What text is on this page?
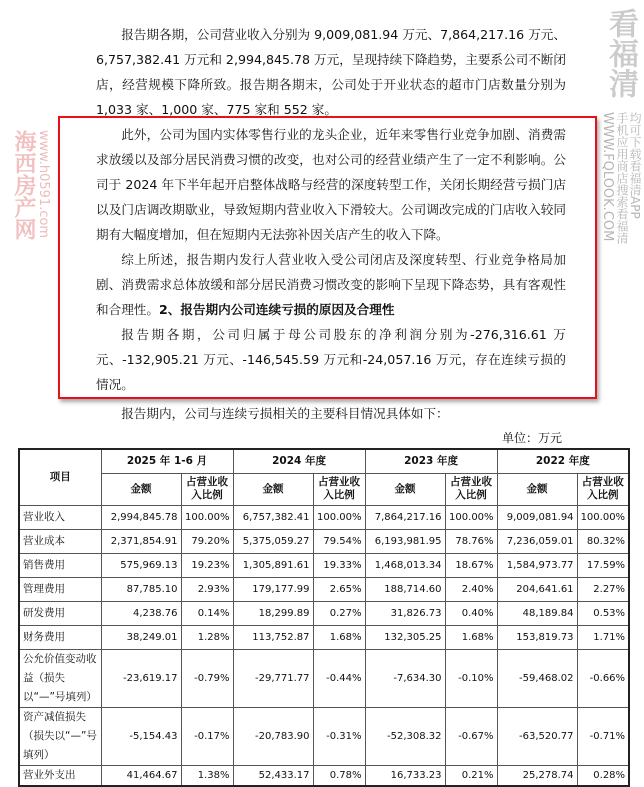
报告期各期，公司营业收入分别为 9,009,081.94 万元、7,864,217.16 万元、6,757,382.41 万元和 2,994,845.78 万元，呈现持续下降趋势，主要系公司不断闭店，经营规模下降所致。报告期各期末，公司处于开业状态的超市门店数量分别为 1,033 家、1,000 家、775 家和 552 家。

此外，公司为国内实体零售行业的龙头企业，近年来零售行业竞争加剧、消费需求放缓以及部分居民消费习惯的改变，也对公司的经营业绩产生了一定不利影响。公司于 2024 年下半年起开启整体战略与经营的深度转型工作，关闭长期经营亏损门店以及门店调改期歇业，导致短期内营业收入下滑较大。公司调改完成的门店收入较同期有大幅度增加，但在短期内无法弥补因关店产生的收入下降。

综上所述，报告期内发行人营业收入受公司闭店及深度转型、行业竞争格局加剧、消费需求总体放缓和部分居民消费习惯改变的影响下呈现下降态势，具有客观性和合理性。2、报告期内公司连续亏损的原因及合理性

报告期各期，公司归属于母公司股东的净利润分别为-276,316.61 万元、-132,905.21 万元、-146,545.59 万元和-24,057.16 万元，存在连续亏损的情况。

报告期内，公司与连续亏损相关的主要科目情况具体如下：

单位：万元
项目	2025 年 1-6 月		2024 年度		2023 年度		2022 年度	
	金额	占营业收入比例	金额	占营业收入比例	金额	占营业收入比例	金额	占营业收入比例
营业收入	2,994,845.78	100.00%	6,757,382.41	100.00%	7,864,217.16	100.00%	9,009,081.94	100.00%
营业成本	2,371,854.91	79.20%	5,375,059.27	79.54%	6,193,981.95	78.76%	7,236,059.01	80.32%
销售费用	575,969.13	19.23%	1,305,891.61	19.33%	1,468,013.34	18.67%	1,584,973.77	17.59%
管理费用	87,785.10	2.93%	179,177.99	2.65%	188,714.60	2.40%	204,641.61	2.27%
研发费用	4,238.76	0.14%	18,299.89	0.27%	31,826.73	0.40%	48,189.84	0.53%
财务费用	38,249.01	1.28%	113,752.87	1.68%	132,305.25	1.68%	153,819.73	1.71%
公允价值变动收益（损失以“—”号填列）	-23,619.17	-0.79%	-29,771.77	-0.44%	-7,634.30	-0.10%	-59,468.02	-0.66%
资产减值损失（损失以“—”号填列）	-5,154.43	-0.17%	-20,783.90	-0.31%	-52,308.32	-0.67%	-63,520.77	-0.71%
营业外支出	41,464.67	1.38%	52,433.17	0.78%	16,733.23	0.21%	25,278.74	0.28%
海西房产网 www.h0591.com
看福清
WWW.FQLOOK.COM 手机应用商店搜索看福清 均可下载看福清APP
